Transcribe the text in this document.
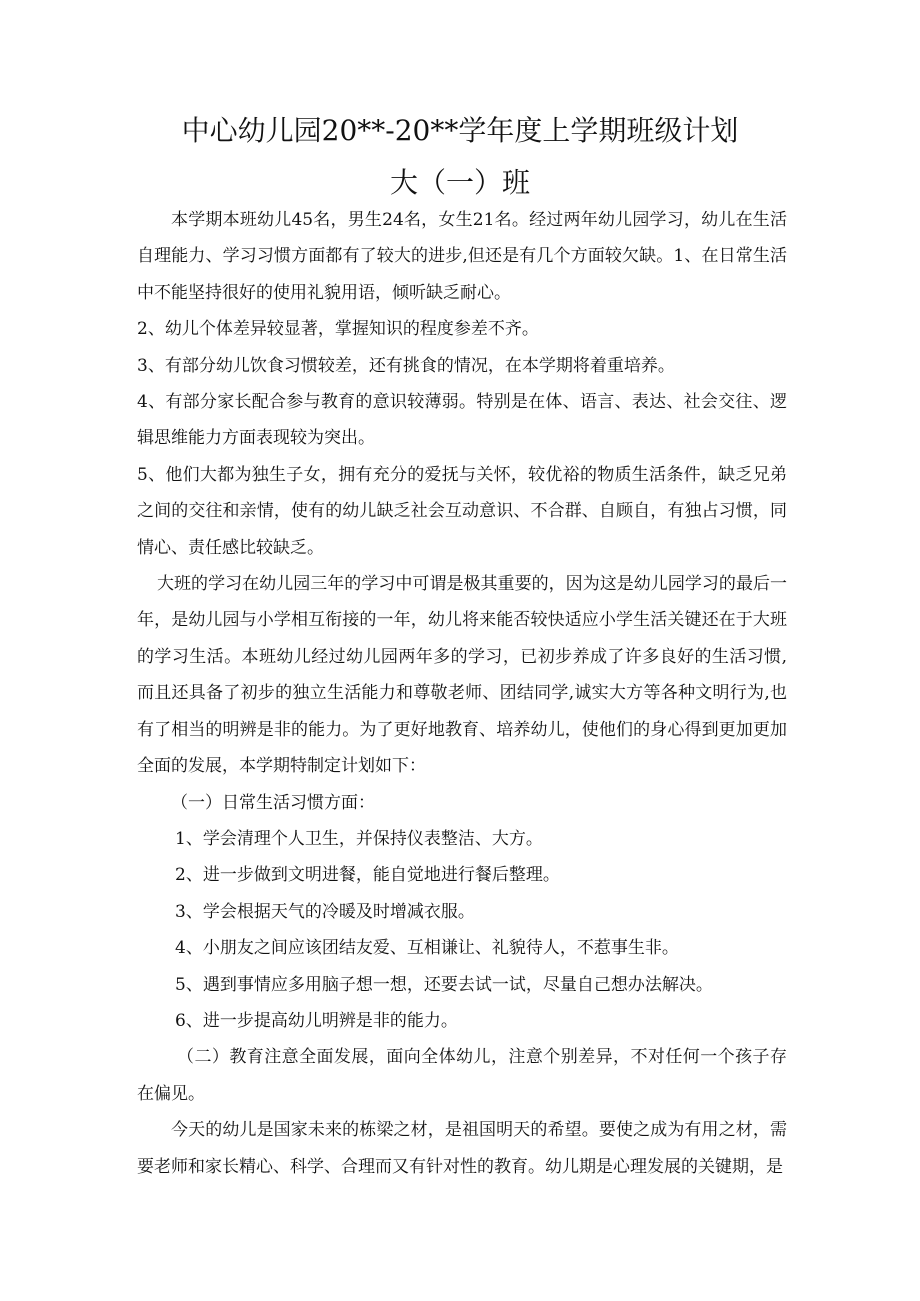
中心幼儿园20**-20**学年度上学期班级计划
大（一）班

本学期本班幼儿45名，男生24名，女生21名。经过两年幼儿园学习，幼儿在生活自理能力、学习习惯方面都有了较大的进步,但还是有几个方面较欠缺。1、在日常生活中不能坚持很好的使用礼貌用语，倾听缺乏耐心。

2、幼儿个体差异较显著，掌握知识的程度参差不齐。

3、有部分幼儿饮食习惯较差，还有挑食的情况，在本学期将着重培养。

4、有部分家长配合参与教育的意识较薄弱。特别是在体、语言、表达、社会交往、逻辑思维能力方面表现较为突出。

5、他们大都为独生子女，拥有充分的爱抚与关怀，较优裕的物质生活条件，缺乏兄弟之间的交往和亲情，使有的幼儿缺乏社会互动意识、不合群、自顾自，有独占习惯，同情心、责任感比较缺乏。

大班的学习在幼儿园三年的学习中可谓是极其重要的，因为这是幼儿园学习的最后一年，是幼儿园与小学相互衔接的一年，幼儿将来能否较快适应小学生活关键还在于大班的学习生活。本班幼儿经过幼儿园两年多的学习，已初步养成了许多良好的生活习惯,而且还具备了初步的独立生活能力和尊敬老师、团结同学,诚实大方等各种文明行为,也有了相当的明辨是非的能力。为了更好地教育、培养幼儿，使他们的身心得到更加更加全面的发展，本学期特制定计划如下：

（一）日常生活习惯方面：

1、学会清理个人卫生，并保持仪表整洁、大方。

2、进一步做到文明进餐，能自觉地进行餐后整理。

3、学会根据天气的冷暖及时增减衣服。

4、小朋友之间应该团结友爱、互相谦让、礼貌待人，不惹事生非。

5、遇到事情应多用脑子想一想，还要去试一试，尽量自己想办法解决。

6、进一步提高幼儿明辨是非的能力。

（二）教育注意全面发展，面向全体幼儿，注意个别差异，不对任何一个孩子存在偏见。

今天的幼儿是国家未来的栋梁之材，是祖国明天的希望。要使之成为有用之材，需要老师和家长精心、科学、合理而又有针对性的教育。幼儿期是心理发展的关键期，是
